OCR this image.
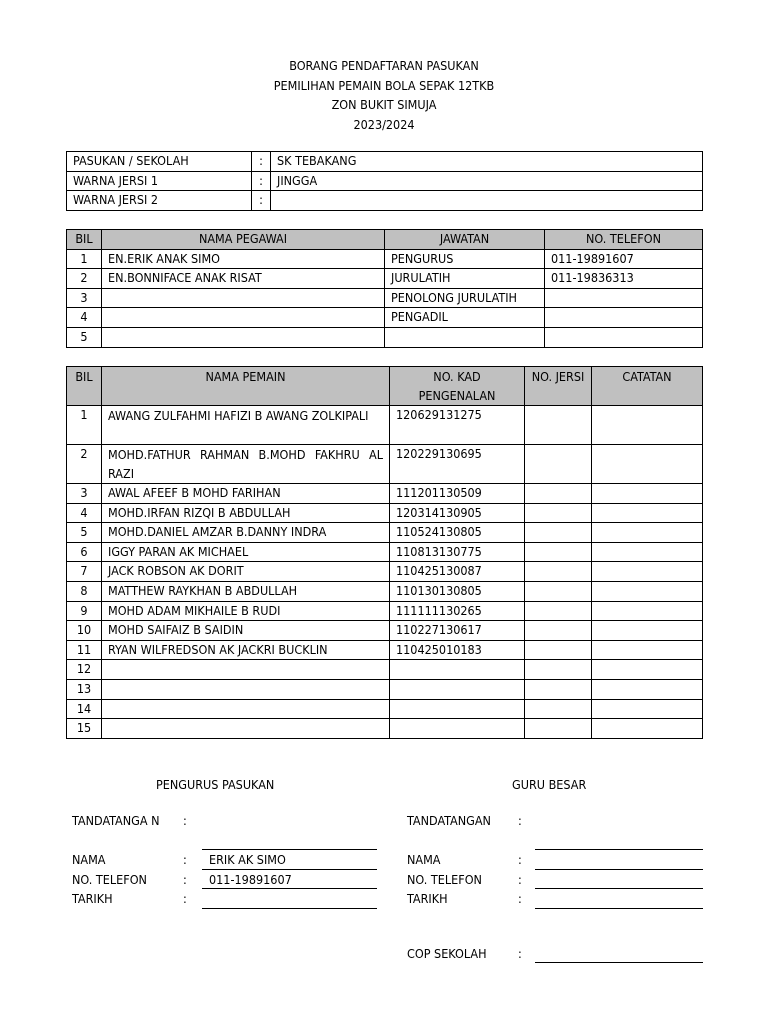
BORANG PENDAFTARAN PASUKAN
PEMILIHAN PEMAIN BOLA SEPAK 12TKB
ZON BUKIT SIMUJA
2023/2024
PASUKAN / SEKOLAH	:	SK TEBAKANG
WARNA JERSI 1	:	JINGGA
WARNA JERSI 2	:	
BIL	NAMA PEGAWAI	JAWATAN	NO. TELEFON
1	EN.ERIK ANAK SIMO	PENGURUS	011-19891607
2	EN.BONNIFACE ANAK RISAT	JURULATIH	011-19836313
3		PENOLONG JURULATIH	
4		PENGADIL	
5			
BIL	NAMA PEMAIN	NO. KAD PENGENALAN	NO. JERSI	CATATAN
1	AWANG ZULFAHMI HAFIZI B AWANG ZOLKIPALI	120629131275		
2	MOHD.FATHUR RAHMAN B.MOHD FAKHRU AL RAZI	120229130695		
3	AWAL AFEEF B MOHD FARIHAN	111201130509		
4	MOHD.IRFAN RIZQI B ABDULLAH	120314130905		
5	MOHD.DANIEL AMZAR B.DANNY INDRA	110524130805		
6	IGGY PARAN AK MICHAEL	110813130775		
7	JACK ROBSON AK DORIT	110425130087		
8	MATTHEW RAYKHAN B ABDULLAH	110130130805		
9	MOHD ADAM MIKHAILE B RUDI	111111130265		
10	MOHD SAIFAIZ B SAIDIN	110227130617		
11	RYAN WILFREDSON AK JACKRI BUCKLIN	110425010183		
12				
13				
14				
15				
PENGURUS PASUKAN
TANDATANGA N	:
NAMA	: ERIK AK SIMO
NO. TELEFON	: 011-19891607
TARIKH	:
GURU BESAR
TANDATANGAN :
NAMA	:
NO. TELEFON	:
TARIKH	:
COP SEKOLAH	:
